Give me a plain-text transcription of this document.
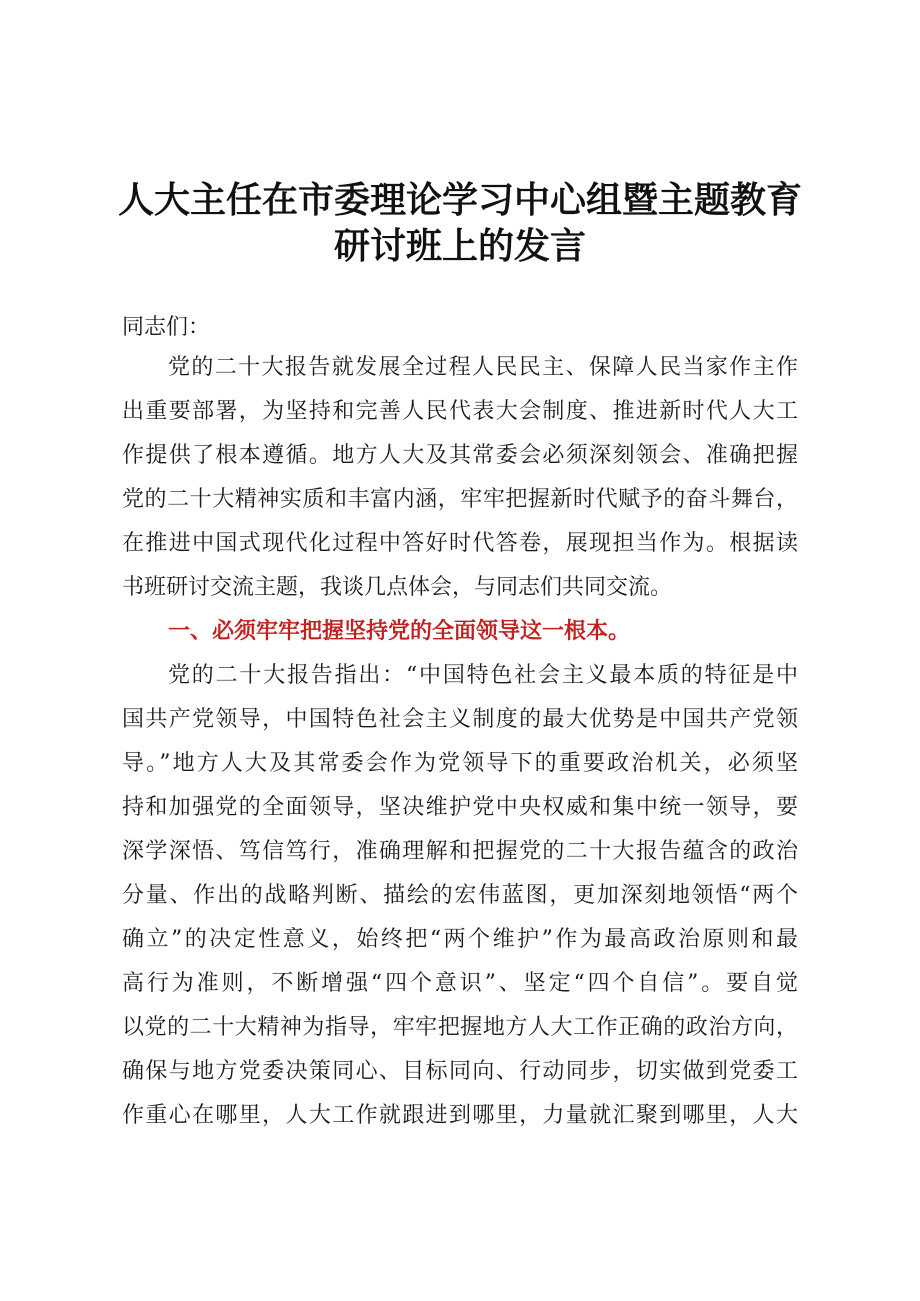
人大主任在市委理论学习中心组暨主题教育
研讨班上的发言
同志们：
党的二十大报告就发展全过程人民民主、保障人民当家作主作
出重要部署，为坚持和完善人民代表大会制度、推进新时代人大工
作提供了根本遵循。地方人大及其常委会必须深刻领会、准确把握
党的二十大精神实质和丰富内涵，牢牢把握新时代赋予的奋斗舞台，
在推进中国式现代化过程中答好时代答卷，展现担当作为。根据读
书班研讨交流主题，我谈几点体会，与同志们共同交流。
一、必须牢牢把握坚持党的全面领导这一根本。
党的二十大报告指出：“中国特色社会主义最本质的特征是中
国共产党领导，中国特色社会主义制度的最大优势是中国共产党领
导。”地方人大及其常委会作为党领导下的重要政治机关，必须坚
持和加强党的全面领导，坚决维护党中央权威和集中统一领导，要
深学深悟、笃信笃行，准确理解和把握党的二十大报告蕴含的政治
分量、作出的战略判断、描绘的宏伟蓝图，更加深刻地领悟“两个
确立”的决定性意义，始终把“两个维护”作为最高政治原则和最
高行为准则，不断增强“四个意识”、坚定“四个自信”。要自觉
以党的二十大精神为指导，牢牢把握地方人大工作正确的政治方向，
确保与地方党委决策同心、目标同向、行动同步，切实做到党委工
作重心在哪里，人大工作就跟进到哪里，力量就汇聚到哪里，人大
